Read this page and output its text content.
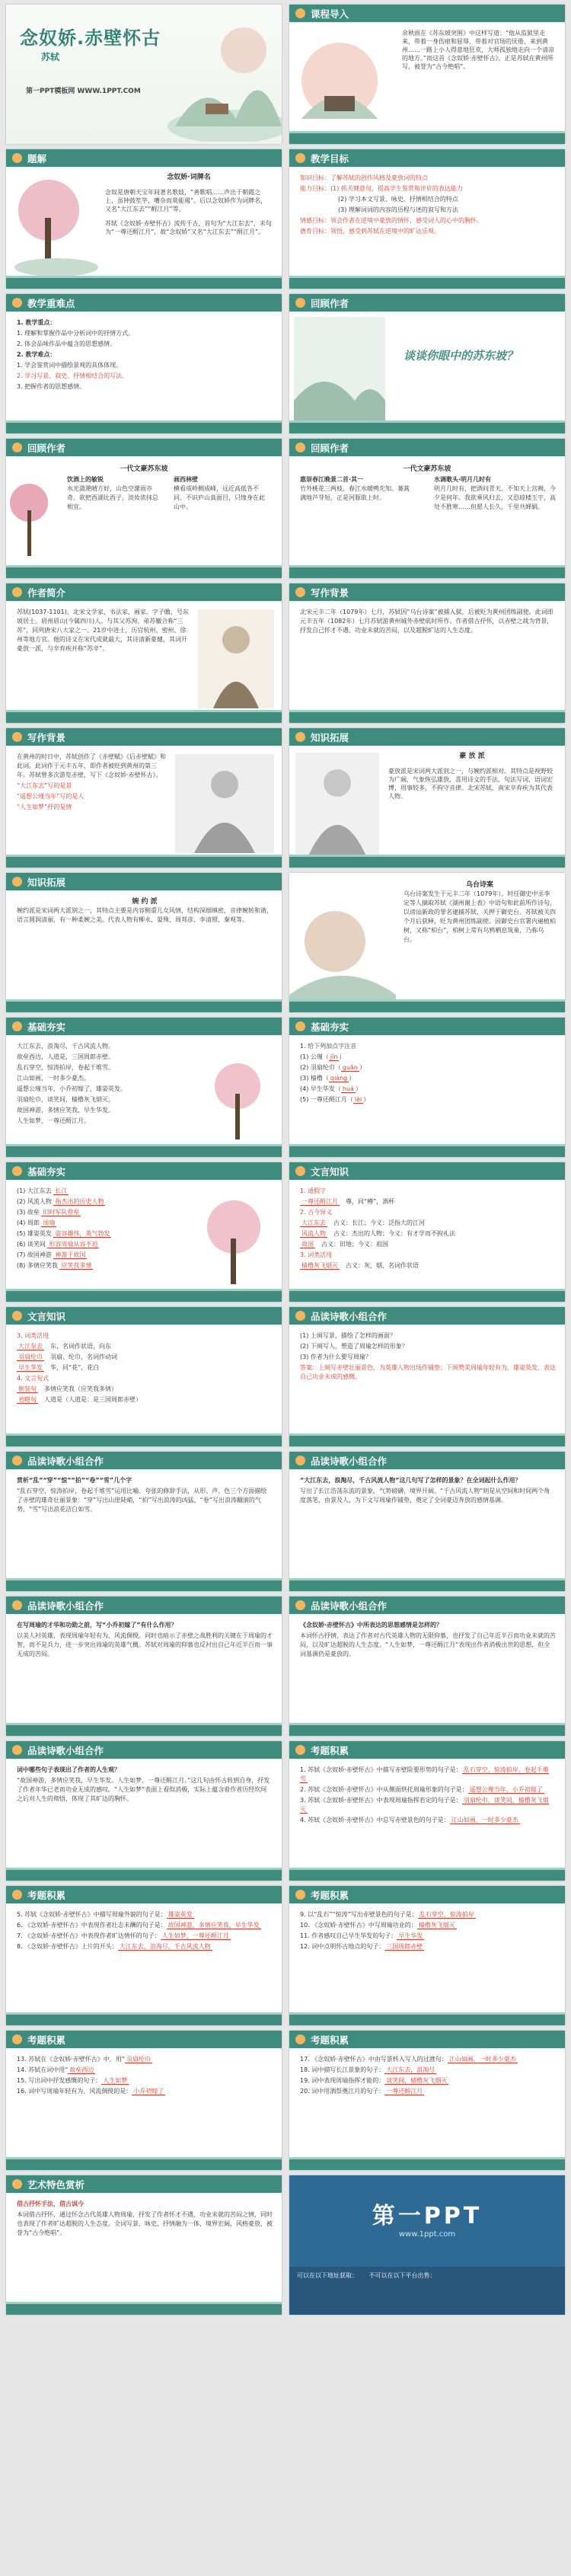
念奴娇.赤壁怀古
苏轼
第一PPT模板网 WWW.1PPT.COM
课程导入
余秋雨在《苏东坡突围》中这样写道：“他从监狱里走来，带着一身伤痕和屈辱，带着对官场的厌倦，来到黄州……一路上小人得意地狂欢，大师孤独地走向一个清凉的地方。”而这首《念奴娇·赤壁怀古》，正是苏轼在黄州所写，被誉为“古今绝唱”。
题解
念奴娇·词牌名

念奴是唐朝天宝年间著名歌妓，“善歌唱……声出于朝霞之上，虽钟鼓笙竽，嘈杂而莫能遏”。后以念奴娇作为词牌名，又名“大江东去”“酹江月”等。

苏轼《念奴娇·赤壁怀古》流传千古，首句为“大江东去”，末句为“一尊还酹江月”，故“念奴娇”又名“大江东去”“酹江月”。

教学目标

知识目标：了解苏轼的创作风格及豪放词的特点

能力目标：(1) 抓关键意句，提高学生鉴赏和评价的表达能力

(2) 学习本文写景、咏史、抒情相结合的特点

(3) 理解词词的内容的历程与述的叙写和方法

情感目标：领会作者在逆境中豪放的情怀，感受词人的心中的胸怀。

德育目标：领悟，感受到苏轼在逆境中的旷达乐观。

教学重难点

1. 教学重点：

1. 理解和掌握作品中分析词中的抒情方式。

2. 体会品味作品中蕴含的思想感情。

2. 教学难点：

1. 学会鉴赏词中描绘景观的具体体现。

2. 学习写景、叙史、抒情相结合的写法。

3. 把握作者的思想感情。

回顾作者
谈谈你眼中的苏东坡？
回顾作者
一代文豪苏东坡
饮酒上的敏锐
水光潋滟晴方好，山色空濛雨亦奇。欲把西湖比西子，淡妆浓抹总相宜。
画西林壁
横看成岭侧成峰，远近高低各不同。不识庐山真面目，只缘身在此山中。
回顾作者
一代文豪苏东坡
惠崇春江晚景二首·其一
竹外桃花三两枝，春江水暖鸭先知。蒌蒿满地芦芽短，正是河豚欲上时。
水调歌头·明月几时有
明月几时有，把酒问青天。不知天上宫阙，今夕是何年。我欲乘风归去，又恐琼楼玉宇，高处不胜寒……但愿人长久，千里共婵娟。
作者简介
苏轼(1037-1101)，北宋文学家、书法家、画家。字子瞻，号东坡居士。眉州眉山(今属四川)人。与其父苏洵、弟苏辙合称“三苏”，同列唐宋八大家之一。21岁中进士，历官杭州、密州、徐州等地方官。他的诗文在宋代成就最大，其诗清新豪健，其词开豪放一派，与辛弃疾并称“苏辛”。
写作背景
北宋元丰二年（1079年）七月，苏轼因“乌台诗案”被捕入狱，后被贬为黄州团练副使。此词即元丰五年（1082年）七月苏轼游黄州城外赤壁矶时所作。作者借古抒怀，以赤壁之战为背景，抒发自己怀才不遇、功业未就的苦闷，以及超脱旷达的人生态度。
写作背景

在黄州的时日中，苏轼创作了《赤壁赋》《后赤壁赋》和此词。此词作于元丰五年，即作者被贬到黄州的第三年。苏轼曾多次游览赤壁，写下《念奴娇·赤壁怀古》。

“大江东去”写的是景

“遥想公瑾当年”写的是人

“人生如梦”抒的是情

知识拓展
豪 放 派

豪放派是宋词两大派别之一，与婉约派相对。其特点是视野较为广阔，气象恢弘雄放，喜用诗文的手法、句法写词，语词宏博，用事较多，不拘守音律。北宋苏轼、南宋辛弃疾为其代表人物。

知识拓展
婉 约 派

婉约派是宋词两大派别之一，其特点主要是内容侧重儿女风情，结构深细缜密，音律婉转和谐，语言圆润清丽，有一种柔婉之美。代表人物有柳永、晏殊、周邦彦、李清照、秦观等。

乌台诗案

乌台诗案发生于元丰二年（1079年）。时任御史中丞李定等人摘取苏轼《湖州谢上表》中语句和此前所作诗句，以谤讪新政的罪名逮捕苏轼，关押于御史台。苏轼被关四个月后获释，贬为黄州团练副使。因御史台官署内遍植柏树，又称“柏台”，柏树上常有乌鸦栖息筑巢，乃称乌台。

基础夯实

大江东去，浪淘尽，千古风流人物。

故垒西边，人道是，三国周郎赤壁。

乱石穿空，惊涛拍岸，卷起千堆雪。

江山如画，一时多少豪杰。

遥想公瑾当年，小乔初嫁了，雄姿英发。

羽扇纶巾，谈笑间，樯橹灰飞烟灭。

故国神游，多情应笑我，早生华发。

人生如梦，一尊还酹江月。

基础夯实

1. 给下列加点字注音

(1) 公瑾（ jǐn ）

(2) 羽扇纶巾（ guān ）

(3) 樯橹（ qiáng ）

(4) 早生华发（ huá ）

(5) 一尊还酹江月（ lèi ）

基础夯实

(1) 大江东去 长江

(2) 风流人物 指杰出的历史人物

(3) 故垒 旧时军队营垒

(4) 周郎 周瑜

(5) 雄姿英发 姿容雄伟，英气勃发

(6) 谈笑间 形容周瑜从容不迫

(7) 故国神游 神游于故国

(8) 多情应笑我 应笑我多情

文言知识

1. 通假字

一尊还酹江月　 尊，同“樽”，酒杯

2. 古今异义

大江东去　 古义：长江；今义：泛指大的江河

风流人物　 古义：杰出的人物；今义：有才学而不拘礼法

故国　 古义：旧地；今义：祖国

3. 词类活用

樯橹灰飞烟灭　 古义：灰、烟，名词作状语

文言知识

3. 词类活用

大江东去　 东，名词作状语，向东

羽扇纶巾　 羽扇、纶巾，名词作动词

早生华发　 华，同“花”，花白

4. 文言句式

倒装句　 多情应笑我（应笑我多情）

省略句　 人道是（人道是：是三国周郎赤壁）

品读诗歌小组合作

(1) 上阕写景，描绘了怎样的画面？

(2) 下阕写人，塑造了周瑜怎样的形象？

(3) 作者为什么要写周瑜？

答案：上阕写赤壁壮丽景色，为英雄人物出场作铺垫；下阕赞美周瑜年轻有为、雄姿英发，表达自己功业未成的感慨。

品读诗歌小组合作

赏析“乱”“穿”“惊”“拍”“卷”“雪”几个字

“乱石穿空，惊涛拍岸，卷起千堆雪”运用比喻、夸张的修辞手法，从形、声、色三个方面描绘了赤壁的雄奇壮丽景象：“穿”写出山崖陡峭，“拍”写出浪涛的凶猛，“卷”写出浪涛翻滚的气势，“雪”写出浪花洁白如雪。

品读诗歌小组合作

“大江东去，浪淘尽，千古风流人物”这几句写了怎样的景象？在全词起什么作用？

写出了长江浩荡东流的景象，气势磅礴，境界开阔。“千古风流人物”则是从空间和时间两个角度落笔，由景及人，为下文写周瑜作铺垫，奠定了全词豪迈奔放的感情基调。

品读诗歌小组合作

在写周瑜的才华和功勋之前，写“小乔初嫁了”有什么作用？

以美人衬英雄，表现周瑜年轻有为、风流倜傥。同时也暗示了赤壁之战胜利的关键在于周瑜的才智，而不是兵力，进一步突出周瑜的英雄气概。苏轼对周瑜的仰慕也反衬出自己年近半百而一事无成的苦闷。

品读诗歌小组合作

《念奴娇·赤壁怀古》中所表达的思想感情是怎样的？

本词怀古抒情，表达了作者对古代英雄人物的无限仰慕，也抒发了自己年近半百而功业未就的苦闷，以及旷达超脱的人生态度。“人生如梦，一尊还酹江月”表现出作者消极出世的思想，但全词基调仍是豪放的。

品读诗歌小组合作

词中哪些句子表现出了作者的人生观？

“故国神游，多情应笑我，早生华发。人生如梦，一尊还酹江月。”这几句由怀古转到自身，抒发了作者年华已老而功业无成的感叹。“人生如梦”表面上看似消极，实际上蕴含着作者历经坎坷之后对人生的彻悟，体现了其旷达的胸怀。

考题积累

1. 苏轼《念奴娇·赤壁怀古》中描写赤壁险要形势的句子是： 乱石穿空，惊涛拍岸，卷起千堆雪

2. 苏轼《念奴娇·赤壁怀古》中从侧面烘托周瑜形象的句子是： 遥想公瑾当年，小乔初嫁了

3. 苏轼《念奴娇·赤壁怀古》中表现周瑜指挥若定的句子是： 羽扇纶巾，谈笑间，樯橹灰飞烟灭

4. 苏轼《念奴娇·赤壁怀古》中总写赤壁景色的句子是： 江山如画，一时多少豪杰

考题积累

5. 苏轼《念奴娇·赤壁怀古》中描写周瑜外貌的句子是： 雄姿英发

6. 《念奴娇·赤壁怀古》中表现作者壮志未酬的句子是： 故国神游，多情应笑我，早生华发

7. 《念奴娇·赤壁怀古》中表现作者旷达情怀的句子： 人生如梦，一尊还酹江月

8. 《念奴娇·赤壁怀古》上片的开头： 大江东去，浪淘尽，千古风流人物

考题积累

9. 以“乱石”“惊涛”写出赤壁景色的句子是： 乱石穿空，惊涛拍岸

10. 《念奴娇·赤壁怀古》中写周瑜功业的： 樯橹灰飞烟灭

11. 作者感叹自己早生华发的句子： 早生华发

12. 词中点明怀古地点的句子： 三国周郎赤壁

考题积累

13. 苏轼在《念奴娇·赤壁怀古》中，用“ 羽扇纶巾

14. 苏轼在词中用“ 故垒西边

15. 写出词中抒发感慨的句子： 人生如梦

16. 词中写周瑜年轻有为、风流倜傥的是： 小乔初嫁了

考题积累

17. 《念奴娇·赤壁怀古》中由写景转入写人的过渡句： 江山如画，一时多少豪杰

18. 词中描写长江景象的句子： 大江东去，浪淘尽

19. 词中表现周瑜指挥才能的： 谈笑间，樯橹灰飞烟灭

20. 词中用酒祭奠江月的句子： 一尊还酹江月

艺术特色赏析

借古抒怀手法，借古讽今

本词借古抒怀，通过怀念古代英雄人物周瑜，抒发了作者怀才不遇、功业未就的苦闷之情，同时也表现了作者旷达超脱的人生态度。全词写景、咏史、抒情融为一体，境界宏阔，风格豪放，被誉为“古今绝唱”。

第一PPT
www.1ppt.com
可以在以下地址获取：　　 不可以在以下平台出售：
